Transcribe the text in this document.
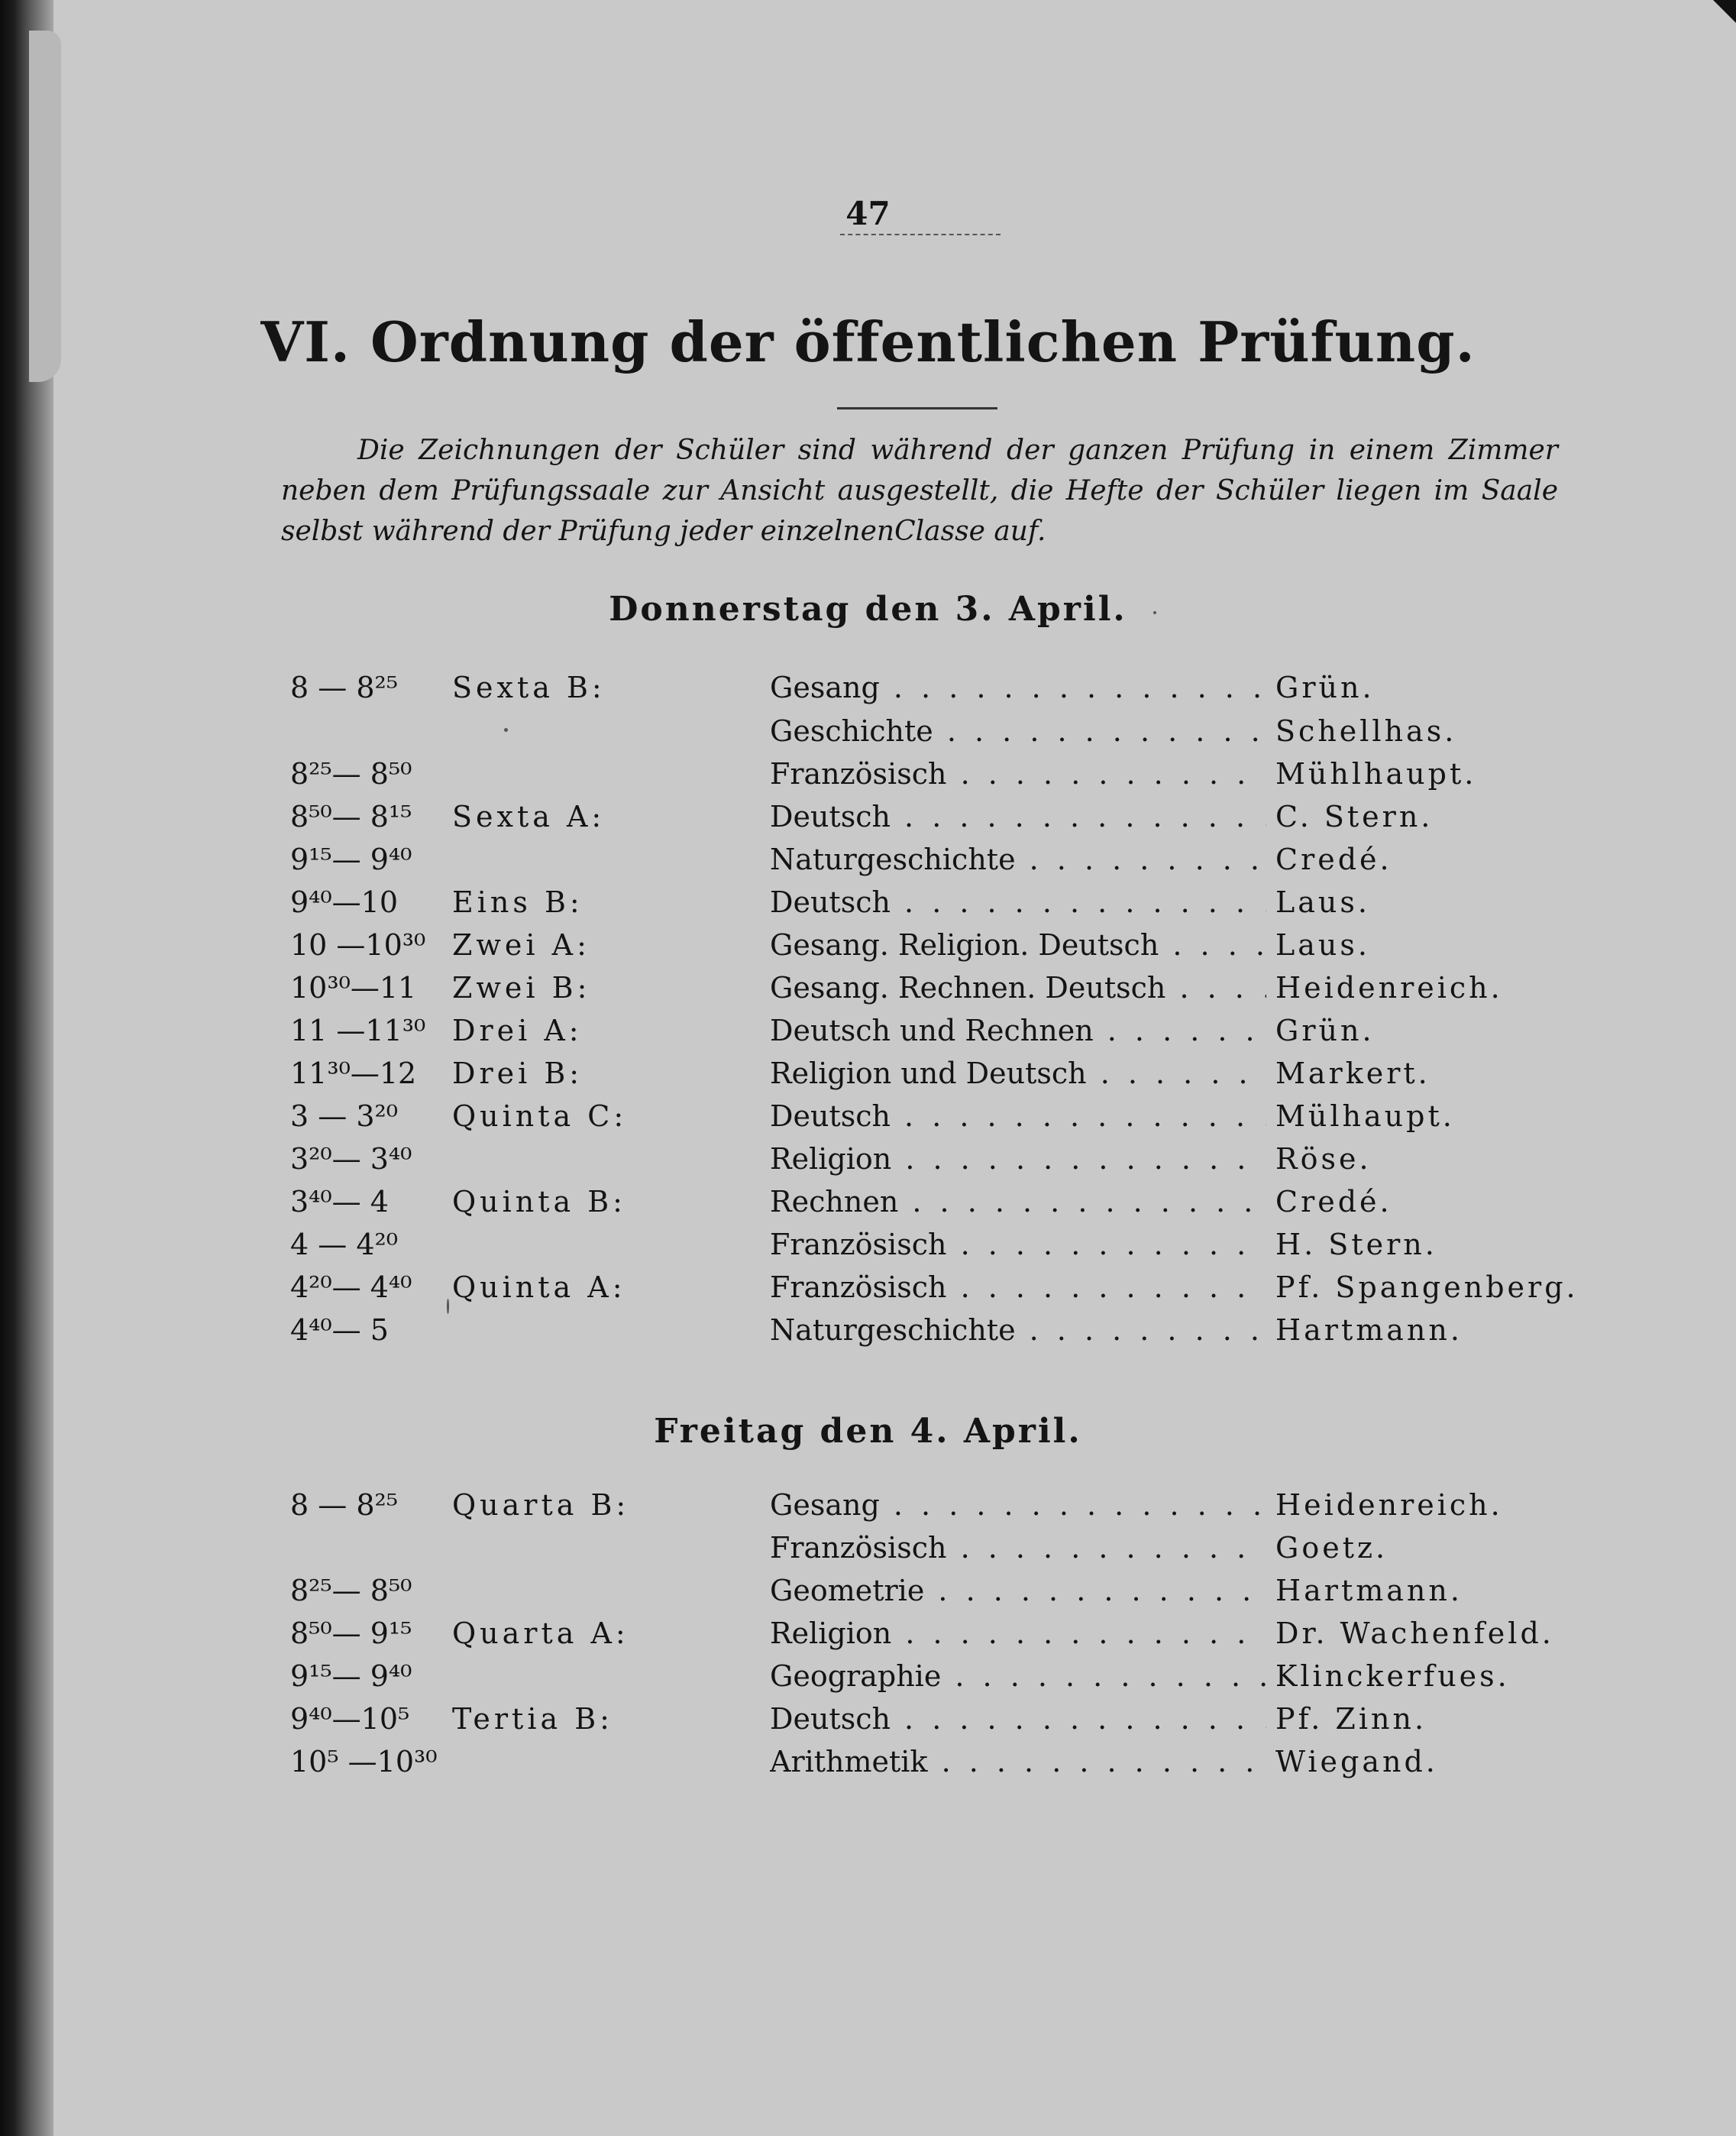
47
VI. Ordnung der öffentlichen Prüfung.
Die Zeichnungen der Schüler sind während der ganzen Prüfung in einem Zimmer neben dem Prüfungssaale zur Ansicht ausgestellt, die Hefte der Schüler liegen im Saale selbst während der Prüfung jeder einzelnenClasse auf.
Donnerstag den 3. April.
8 — 8²⁵	Sexta B:	Gesang . . .	Grün.
Geschichte . . .	Schellhas.
8²⁵— 8⁵⁰	Französisch . . .	Mühlhaupt.
8⁵⁰— 8¹⁵	Sexta A:	Deutsch . . .	C. Stern.
9¹⁵— 9⁴⁰	Naturgeschichte . . .	Credé.
9⁴⁰—10	Eins B:	Deutsch . . .	Laus.
10 —10³⁰ Zwei A:	Gesang. Religion. Deutsch . . .	Laus.
10³⁰—11	Zwei B:	Gesang. Rechnen. Deutsch . . .	Heidenreich.
11 —11³⁰ Drei A:	Deutsch und Rechnen . . .	Grün.
11³⁰—12	Drei B:	Religion und Deutsch . . .	Markert.
3 — 3²⁰	Quinta C:	Deutsch . . .	Mülhaupt.
3²⁰— 3⁴⁰	Religion . . .	Röse.
3⁴⁰— 4	Quinta B:	Rechnen . . .	Credé.
4 — 4²⁰	Französisch . . .	H. Stern.
4²⁰— 4⁴⁰	Quinta A:	Französisch . . .	Pf. Spangenberg.
4⁴⁰— 5	Naturgeschichte . . .	Hartmann.
Freitag den 4. April.
8 — 8²⁵	Quarta B:	Gesang . . .	Heidenreich.
Französisch . . .	Goetz.
8²⁵— 8⁵⁰	Geometrie . . .	Hartmann.
8⁵⁰— 9¹⁵	Quarta A:	Religion . . .	Dr. Wachenfeld.
9¹⁵— 9⁴⁰	Geographie . . .	Klinckerfues.
9⁴⁰—10⁵	Tertia B:	Deutsch . . .	Pf. Zinn.
10⁵ —10³⁰	Arithmetik . . .	Wiegand.
